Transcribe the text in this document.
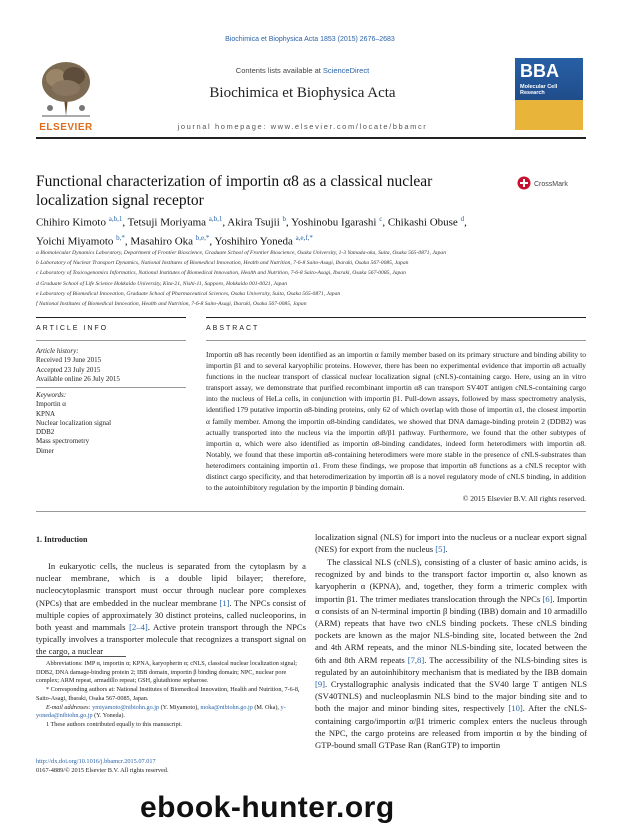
Biochimica et Biophysica Acta 1853 (2015) 2676–2683
ELSEVIER
Contents lists available at ScienceDirect
Biochimica et Biophysica Acta
journal homepage: www.elsevier.com/locate/bbamcr
BBA
Molecular Cell Research
Functional characterization of importin α8 as a classical nuclear localization signal receptor
CrossMark
Chihiro Kimoto $^{a,b,1}$, Tetsuji Moriyama $^{a,b,1}$, Akira Tsujii $^b$, Yoshinobu Igarashi $^c$, Chikashi Obuse $^d$,
Yoichi Miyamoto $^{b,*}$, Masahiro Oka $^{b,e,*}$, Yoshihiro Yoneda $^{a,e,f,*}$
a Biomolecular Dynamics Laboratory, Department of Frontier Bioscience, Graduate School of Frontier Bioscience, Osaka University, 1-3 Yamada-oka, Suita, Osaka 565-0871, Japan
b Laboratory of Nuclear Transport Dynamics, National Institutes of Biomedical Innovation, Health and Nutrition, 7-6-8 Saito-Asagi, Ibaraki, Osaka 567-0085, Japan
c Laboratory of Toxicogenomics Informatics, National Institutes of Biomedical Innovation, Health and Nutrition, 7-6-8 Saito-Asagi, Ibaraki, Osaka 567-0085, Japan
d Graduate School of Life Science Hokkaido University, Kita-21, Nishi-11, Sapporo, Hokkaido 001-0021, Japan
e Laboratory of Biomedical Innovation, Graduate School of Pharmaceutical Sciences, Osaka University, Suita, Osaka 565-0871, Japan
f National Institutes of Biomedical Innovation, Health and Nutrition, 7-6-8 Saito-Asagi, Ibaraki, Osaka 567-0085, Japan
ARTICLE INFO	ABSTRACT
Article history:
Received 19 June 2015
Accepted 23 July 2015
Available online 26 July 2015
Keywords:
Importin α
KPNA
Nuclear localization signal
DDB2
Mass spectrometry
Dimer
Importin α8 has recently been identified as an importin α family member based on its primary structure and binding ability to importin β1 and to several karyophilic proteins. However, there has been no experimental evidence that importin α8 actually functions in the nuclear transport of classical nuclear localization signal (cNLS)-containing cargo. Here, using an in vitro transport assay, we demonstrate that purified recombinant importin α8 can transport SV40T antigen cNLS-containing cargo into the nucleus of HeLa cells, in conjunction with importin β1. Pull-down assays, followed by mass spectrometry analysis, identified 179 putative importin α8-binding proteins, only 62 of which overlap with those of importin α1, the closest importin α family member. Among the importin α8-binding candidates, we showed that DNA damage-binding protein 2 (DDB2) was actually transported into the nucleus via the importin α8/β1 pathway. Furthermore, we found that the other subtypes of importin α, which were also identified as importin α8-binding candidates, indeed form heterodimers with importin α8. Notably, we found that these importin α8-containing heterodimers were more stable in the presence of cNLS-substrates than heterodimers containing importin α1. From these findings, we propose that importin α8 functions as a cNLS receptor with distinct cargo specificity, and that heterodimerization by importin α8 is a novel regulatory mode of cNLS binding, in addition to the autoinhibitory regulation by the importin β binding domain.
© 2015 Elsevier B.V. All rights reserved.
1. Introduction
In eukaryotic cells, the nucleus is separated from the cytoplasm by a nuclear membrane, which is a double lipid bilayer; therefore, nucleocytoplasmic transport must occur through nuclear pore complexes (NPCs) that are embedded in the nuclear membrane [1]. The NPCs consist of multiple copies of approximately 30 distinct proteins, called nucleoporins, in both yeast and mammals [2–4]. Active protein transport through the NPCs typically involves a transporter molecule that recognizes a transport signal on the cargo, a nuclear
localization signal (NLS) for import into the nucleus or a nuclear export signal (NES) for export from the nucleus [5].
The classical NLS (cNLS), consisting of a cluster of basic amino acids, is recognized by and binds to the transport factor importin α, also known as karyopherin α (KPNA), and, together, they form a trimeric complex with importin β1. The trimer mediates translocation through the NPCs [6]. Importin α consists of an N-terminal importin β binding (IBB) domain and 10 armadillo (ARM) repeats that have two cNLS binding pockets. These cNLS binding pockets are known as the major NLS-binding site, located between the 2nd and 4th ARM repeats, and the minor NLS-binding site, located between the 6th and 8th ARM repeats [7,8]. The accessibility of the NLS-binding sites is regulated by an autoinhibitory mechanism that is mediated by the IBB domain [9]. Crystallographic analysis indicated that the SV40 large T antigen NLS (SV40TNLS) and nucleoplasmin NLS bind to the major binding site and to both the major and minor binding sites, respectively [10]. After the cNLS-containing cargo/importin α/β1 trimeric complex enters the nucleus through the NPC, the cargo proteins are released from importin α by the binding of GTP-bound small GTPase Ran (RanGTP) to importin
Abbreviations: IMP α, importin α; KPNA, karyopherin α; cNLS, classical nuclear localization signal; DDB2, DNA damage-binding protein 2; IBB domain, importin β binding domain; NPC, nuclear pore complex; ARM repeat, armadillo repeat; GSH, glutathione sepharose.
* Corresponding authors at: National Institutes of Biomedical Innovation, Health and Nutrition, 7-6-8, Saito-Asagi, Ibaraki, Osaka 567-0085, Japan.
E-mail addresses: ymiyamoto@nibiohn.go.jp (Y. Miyamoto), moka@nibiohn.go.jp (M. Oka), y-yoneda@nibiohn.go.jp (Y. Yoneda).
1 These authors contributed equally to this manuscript.
http://dx.doi.org/10.1016/j.bbamcr.2015.07.017
0167-4889/© 2015 Elsevier B.V. All rights reserved.
ebook-hunter.org
